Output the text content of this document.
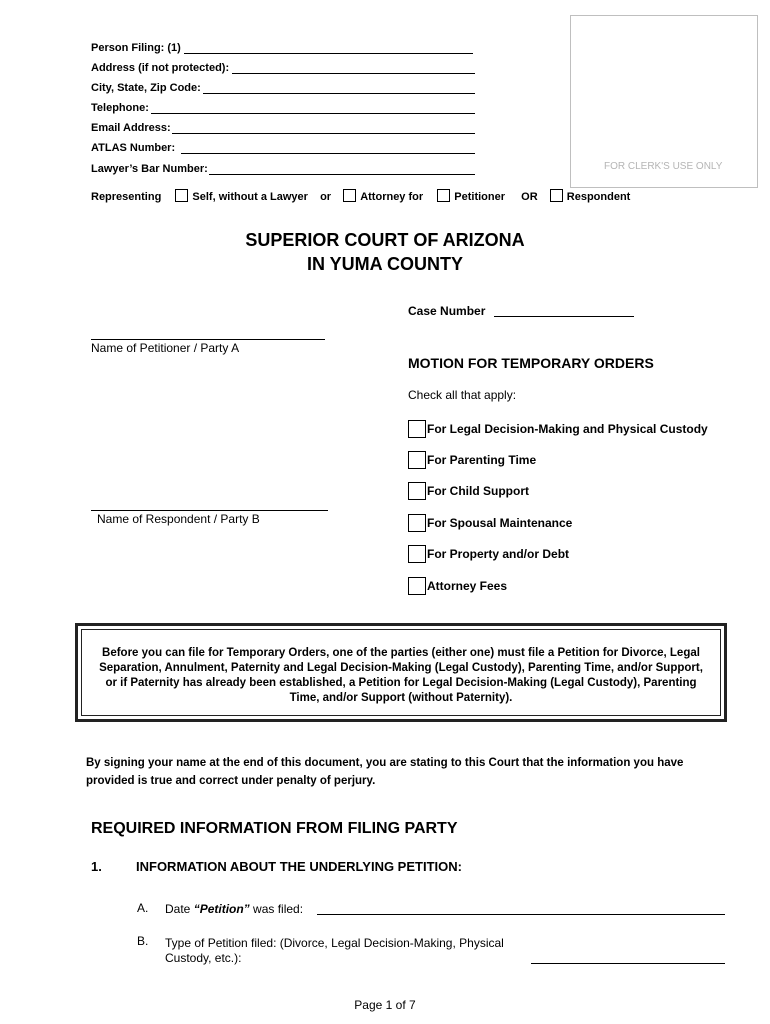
FOR CLERK'S USE ONLY
Person Filing: (1)
Address (if not protected):
City, State, Zip Code:
Telephone:
Email Address:
ATLAS Number:
Lawyer’s Bar Number:
Representing	Self, without a Lawyer or	Attorney for	Petitioner OR	Respondent
SUPERIOR COURT OF ARIZONA
IN YUMA COUNTY
Case Number
Name of Petitioner / Party A
Name of Respondent / Party B
MOTION FOR TEMPORARY ORDERS
Check all that apply:
For Legal Decision-Making and Physical Custody
For Parenting Time
For Child Support
For Spousal Maintenance
For Property and/or Debt
Attorney Fees
Before you can file for Temporary Orders, one of the parties (either one) must file a Petition for Divorce, Legal Separation, Annulment, Paternity and Legal Decision-Making (Legal Custody), Parenting Time, and/or Support, or if Paternity has already been established, a Petition for Legal Decision-Making (Legal Custody), Parenting Time, and/or Support (without Paternity).
By signing your name at the end of this document, you are stating to this Court that the information you have provided is true and correct under penalty of perjury.
REQUIRED INFORMATION FROM FILING PARTY
1.	INFORMATION ABOUT THE UNDERLYING PETITION:
A. Date “Petition” was filed:
B. Type of Petition filed: (Divorce, Legal Decision-Making, Physical
Custody, etc.):
Page 1 of 7
